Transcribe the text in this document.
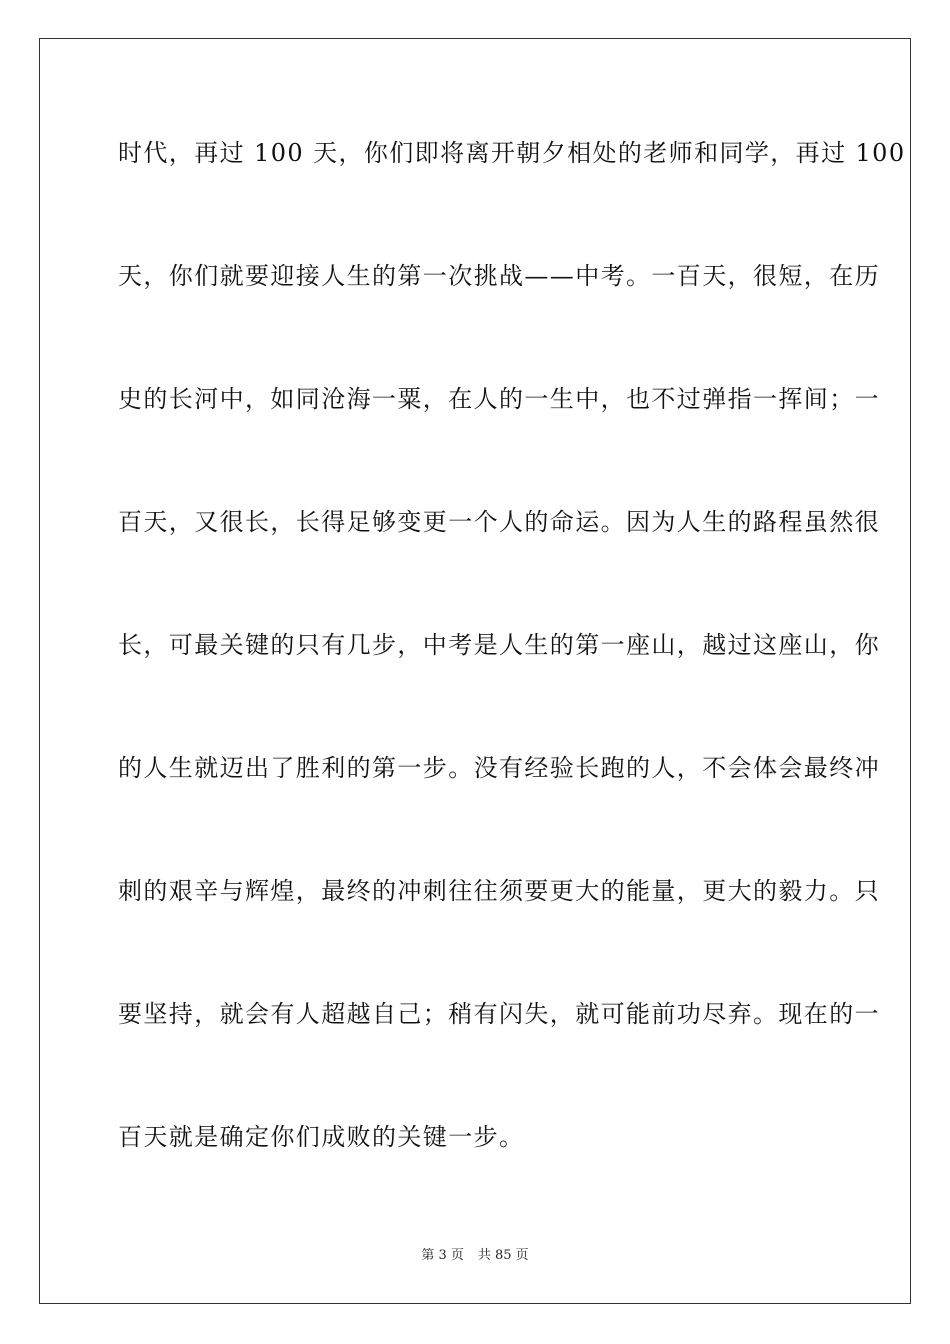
时代，再过 100 天，你们即将离开朝夕相处的老师和同学，再过 100
天，你们就要迎接人生的第一次挑战——中考。一百天，很短，在历
史的长河中，如同沧海一粟，在人的一生中，也不过弹指一挥间；一
百天，又很长，长得足够变更一个人的命运。因为人生的路程虽然很
长，可最关键的只有几步，中考是人生的第一座山，越过这座山，你
的人生就迈出了胜利的第一步。没有经验长跑的人，不会体会最终冲
刺的艰辛与辉煌，最终的冲刺往往须要更大的能量，更大的毅力。只
要坚持，就会有人超越自己；稍有闪失，就可能前功尽弃。现在的一
百天就是确定你们成败的关键一步。
第 3 页 共 85 页
